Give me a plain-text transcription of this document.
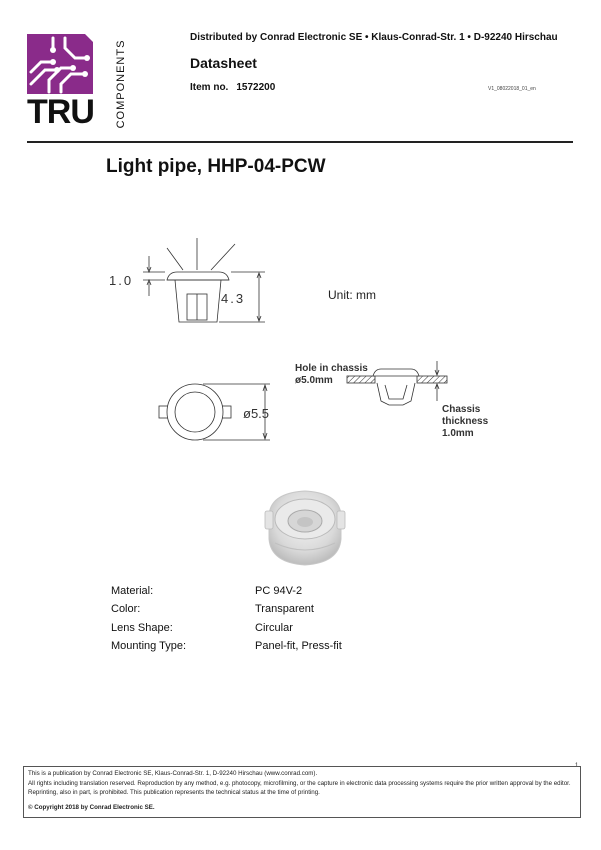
TRU COMPONENTS
Distributed by Conrad Electronic SE • Klaus-Conrad-Str. 1 • D-92240 Hirschau
Datasheet
Item no. 1572200	V1_08022018_01_en
Light pipe, HHP-04-PCW
1.0
4.3	Unit: mm
ø5.5
Hole in chassis
ø5.0mm
Chassis
thickness
1.0mm
Material:	PC 94V-2
Color:	Transparent
Lens Shape:	Circular
Mounting Type:	Panel-fit, Press-fit
1
This is a publication by Conrad Electronic SE, Klaus-Conrad-Str. 1, D-92240 Hirschau (www.conrad.com).
All rights including translation reserved. Reproduction by any method, e.g. photocopy, microfilming, or the capture in electronic data processing systems require the prior written approval by the editor. Reprinting, also in part, is prohibited. This publication represents the technical status at the time of printing.
© Copyright 2018 by Conrad Electronic SE.
